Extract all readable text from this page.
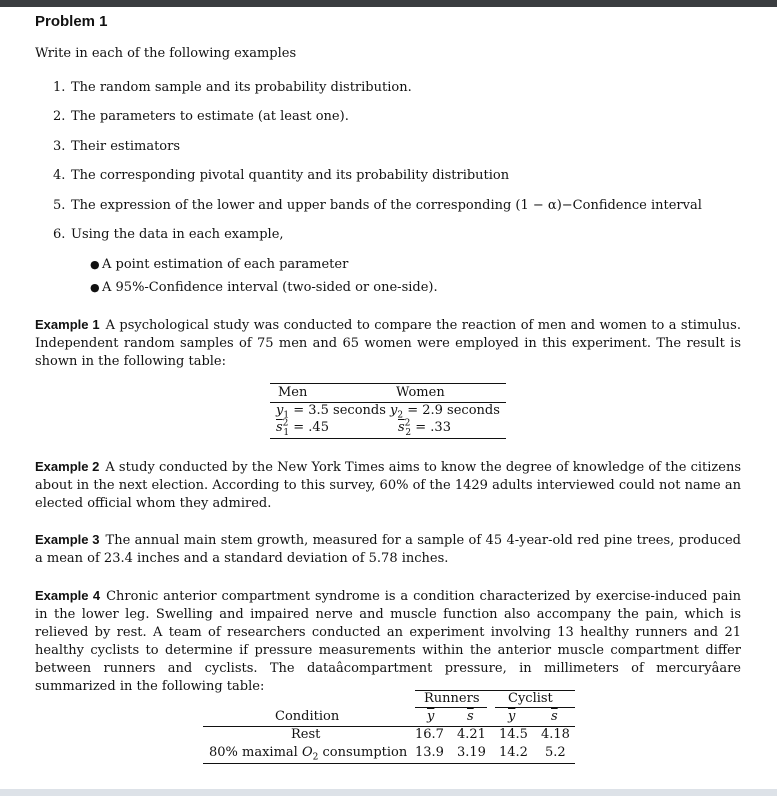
Problem 1
Write in each of the following examples
1. The random sample and its probability distribution.
2. The parameters to estimate (at least one).
3. Their estimators
4. The corresponding pivotal quantity and its probability distribution
5. The expression of the lower and upper bands of the corresponding (1 − α)−Confidence interval
6. Using the data in each example,
● A point estimation of each parameter
● A 95%-Confidence interval (two-sided or one-side).
Example 1 A psychological study was conducted to compare the reaction of men and women to a stimulus. Independent random samples of 75 men and 65 women were employed in this experiment. The result is shown in the following table:
Men	Women
$\overline{y}_1 = 3.5$ seconds $\overline{y}_2 = 2.9$ seconds
$\overline{s}^2_1 = .45$	$\overline{s}^2_2 = .33$
Example 2 A study conducted by the New York Times aims to know the degree of knowledge of the citizens about in the next election. According to this survey, 60% of the 1429 adults interviewed could not name an elected official whom they admired.
Example 3 The annual main stem growth, measured for a sample of 45 4-year-old red pine trees, produced a mean of 23.4 inches and a standard deviation of 5.78 inches.
Example 4 Chronic anterior compartment syndrome is a condition characterized by exercise-induced pain in the lower leg. Swelling and impaired nerve and muscle function also accompany the pain, which is relieved by rest. A team of researchers conducted an experiment involving 13 healthy runners and 21 healthy cyclists to determine if pressure measurements within the anterior muscle compartment differ between runners and cyclists. The dataâcompartment pressure, in millimeters of mercuryâare summarized in the following table:
Runners Cyclist
Condition	$\overline{y}$	$\overline{s}$	$\overline{y}$	$\overline{s}$
Rest	16.7 4.21 14.5 4.18
80% maximal $O_2$ consumption 13.9 3.19 14.2 5.2
